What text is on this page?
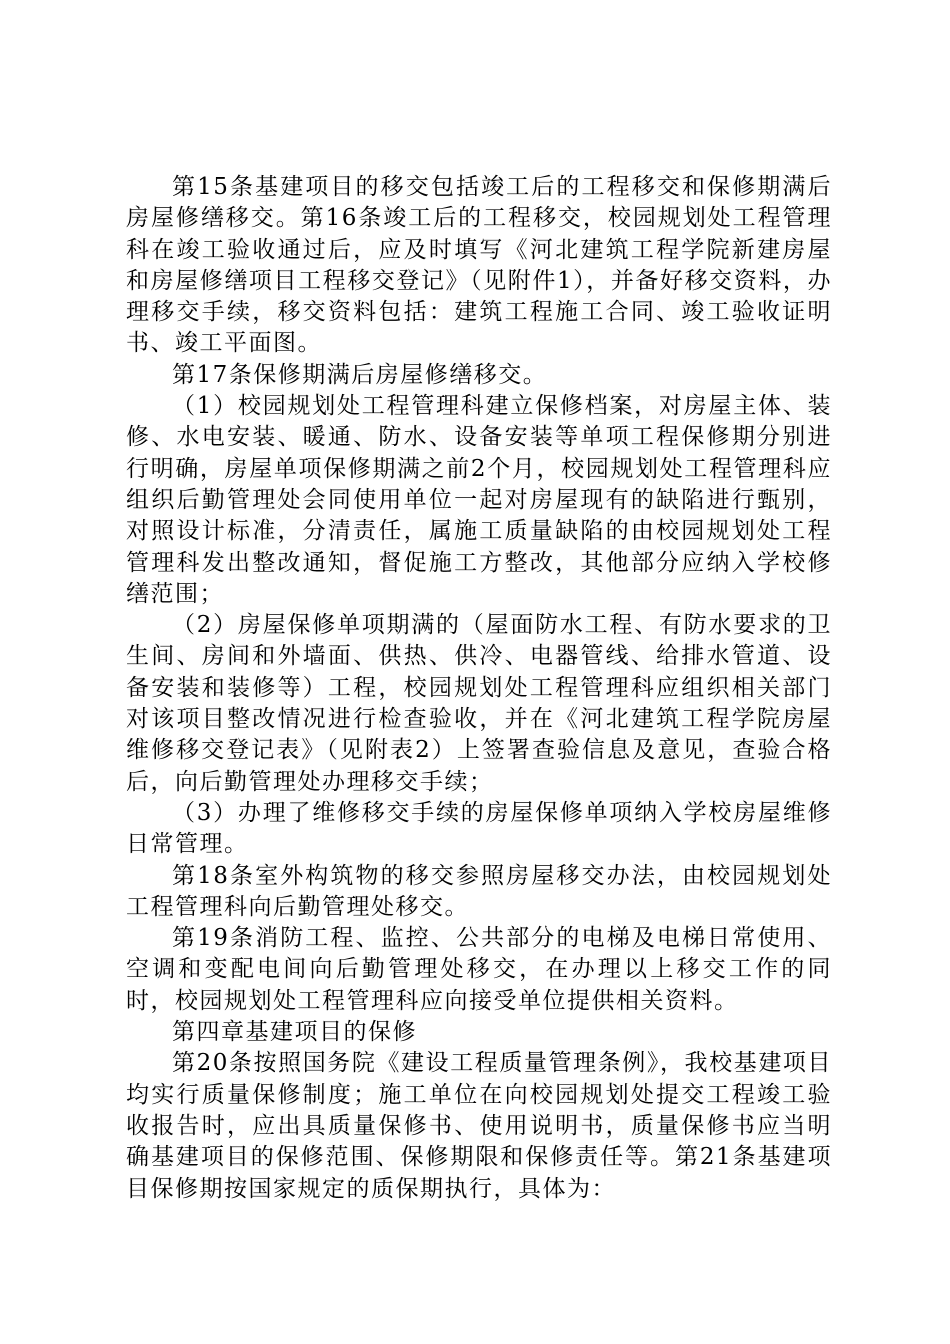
第15条基建项目的移交包括竣工后的工程移交和保修期满后房屋修缮移交。第16条竣工后的工程移交，校园规划处工程管理科在竣工验收通过后，应及时填写《河北建筑工程学院新建房屋和房屋修缮项目工程移交登记》（见附件1），并备好移交资料，办理移交手续，移交资料包括：建筑工程施工合同、竣工验收证明书、竣工平面图。

第17条保修期满后房屋修缮移交。

（1）校园规划处工程管理科建立保修档案，对房屋主体、装修、水电安装、暖通、防水、设备安装等单项工程保修期分别进行明确，房屋单项保修期满之前2个月，校园规划处工程管理科应组织后勤管理处会同使用单位一起对房屋现有的缺陷进行甄别，对照设计标准，分清责任，属施工质量缺陷的由校园规划处工程管理科发出整改通知，督促施工方整改，其他部分应纳入学校修缮范围；

（2）房屋保修单项期满的（屋面防水工程、有防水要求的卫生间、房间和外墙面、供热、供冷、电器管线、给排水管道、设备安装和装修等）工程，校园规划处工程管理科应组织相关部门对该项目整改情况进行检查验收，并在《河北建筑工程学院房屋维修移交登记表》（见附表2）上签署查验信息及意见，查验合格后，向后勤管理处办理移交手续；

（3）办理了维修移交手续的房屋保修单项纳入学校房屋维修日常管理。

第18条室外构筑物的移交参照房屋移交办法，由校园规划处工程管理科向后勤管理处移交。

第19条消防工程、监控、公共部分的电梯及电梯日常使用、空调和变配电间向后勤管理处移交，在办理以上移交工作的同时，校园规划处工程管理科应向接受单位提供相关资料。

第四章基建项目的保修

第20条按照国务院《建设工程质量管理条例》，我校基建项目均实行质量保修制度；施工单位在向校园规划处提交工程竣工验收报告时，应出具质量保修书、使用说明书，质量保修书应当明确基建项目的保修范围、保修期限和保修责任等。第21条基建项目保修期按国家规定的质保期执行，具体为：
